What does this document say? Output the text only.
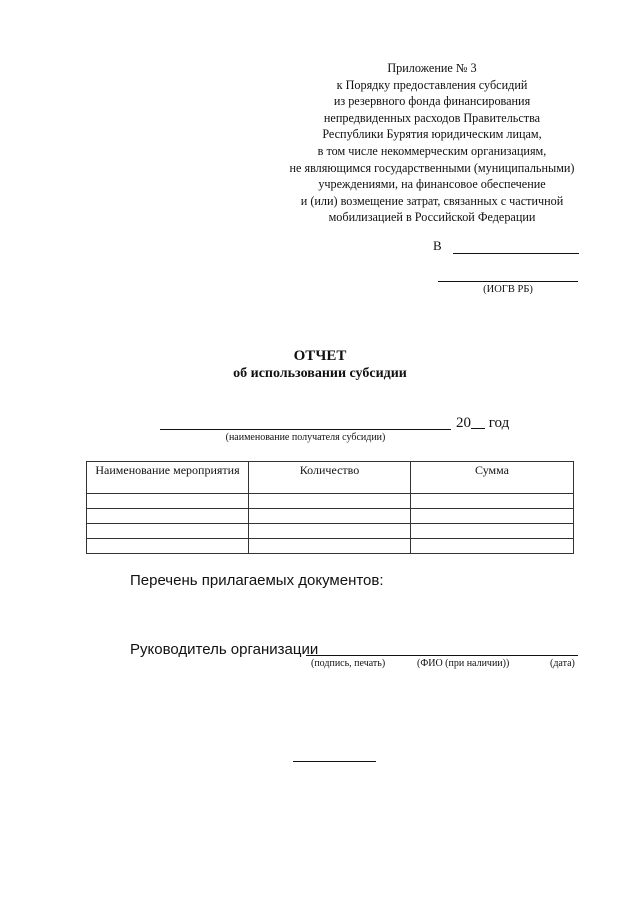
Приложение № 3
к Порядку предоставления субсидий
из резервного фонда финансирования
непредвиденных расходов Правительства
Республики Бурятия юридическим лицам,
в том числе некоммерческим организациям,
не являющимся государственными (муниципальными)
учреждениями, на финансовое обеспечение
и (или) возмещение затрат, связанных с частичной
мобилизацией в Российской Федерации
В
(ИОГВ РБ)
ОТЧЕТ
об использовании субсидии
20 год
(наименование получателя субсидии)
Наименование мероприятия	Количество	Сумма

Перечень прилагаемых документов:
Руководитель организации
(подпись, печать)	(ФИО (при наличии))	(дата)
